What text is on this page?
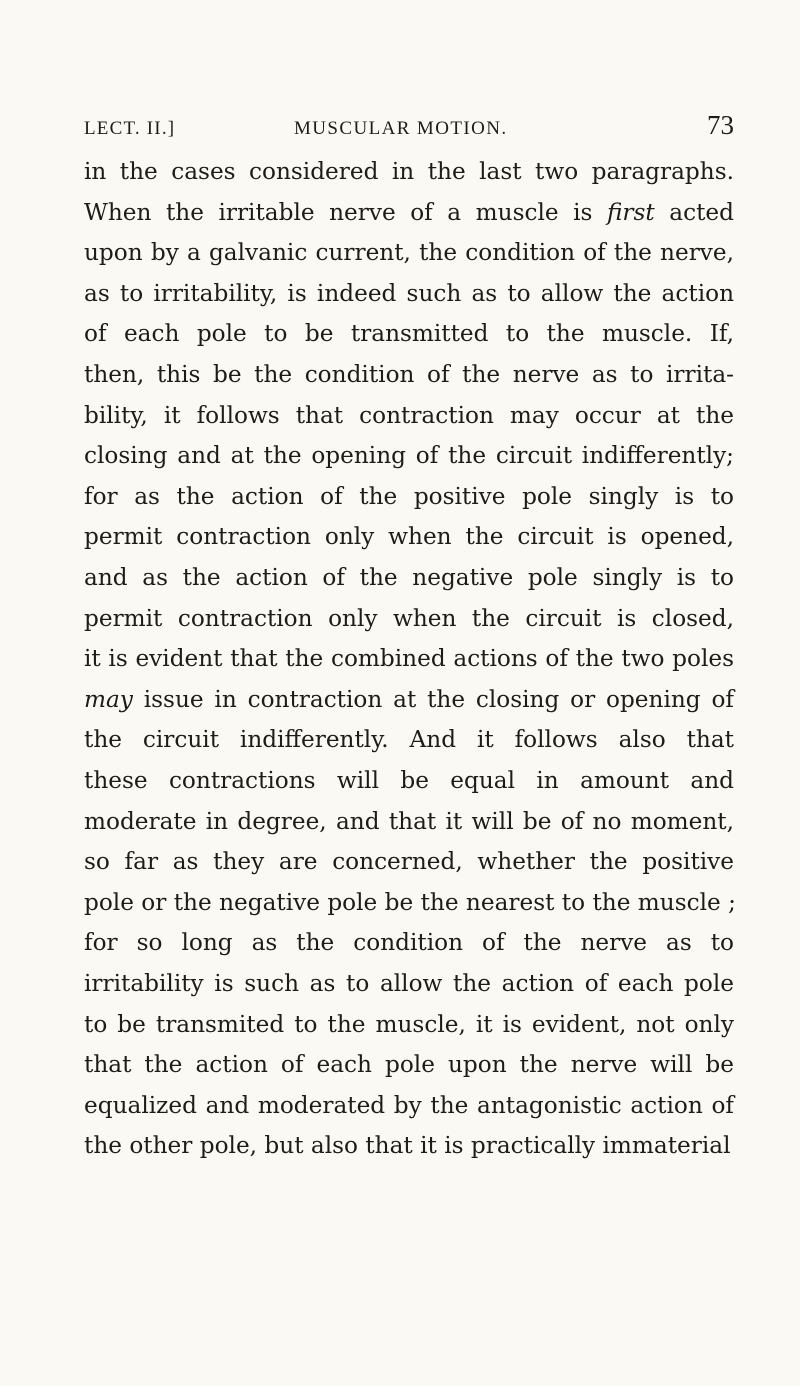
LECT. II.]	MUSCULAR MOTION.	73
in the cases considered in the last two paragraphs.
When the irritable nerve of a muscle is first acted
upon by a galvanic current, the condition of the nerve,
as to irritability, is indeed such as to allow the action
of each pole to be transmitted to the muscle. If,
then, this be the condition of the nerve as to irrita-
bility, it follows that contraction may occur at the
closing and at the opening of the circuit indifferently;
for as the action of the positive pole singly is to
permit contraction only when the circuit is opened,
and as the action of the negative pole singly is to
permit contraction only when the circuit is closed,
it is evident that the combined actions of the two poles
may issue in contraction at the closing or opening of
the circuit indifferently. And it follows also that
these contractions will be equal in amount and
moderate in degree, and that it will be of no moment,
so far as they are concerned, whether the positive
pole or the negative pole be the nearest to the muscle ;
for so long as the condition of the nerve as to
irritability is such as to allow the action of each pole
to be transmited to the muscle, it is evident, not only
that the action of each pole upon the nerve will be
equalized and moderated by the antagonistic action of
the other pole, but also that it is practically immaterial
